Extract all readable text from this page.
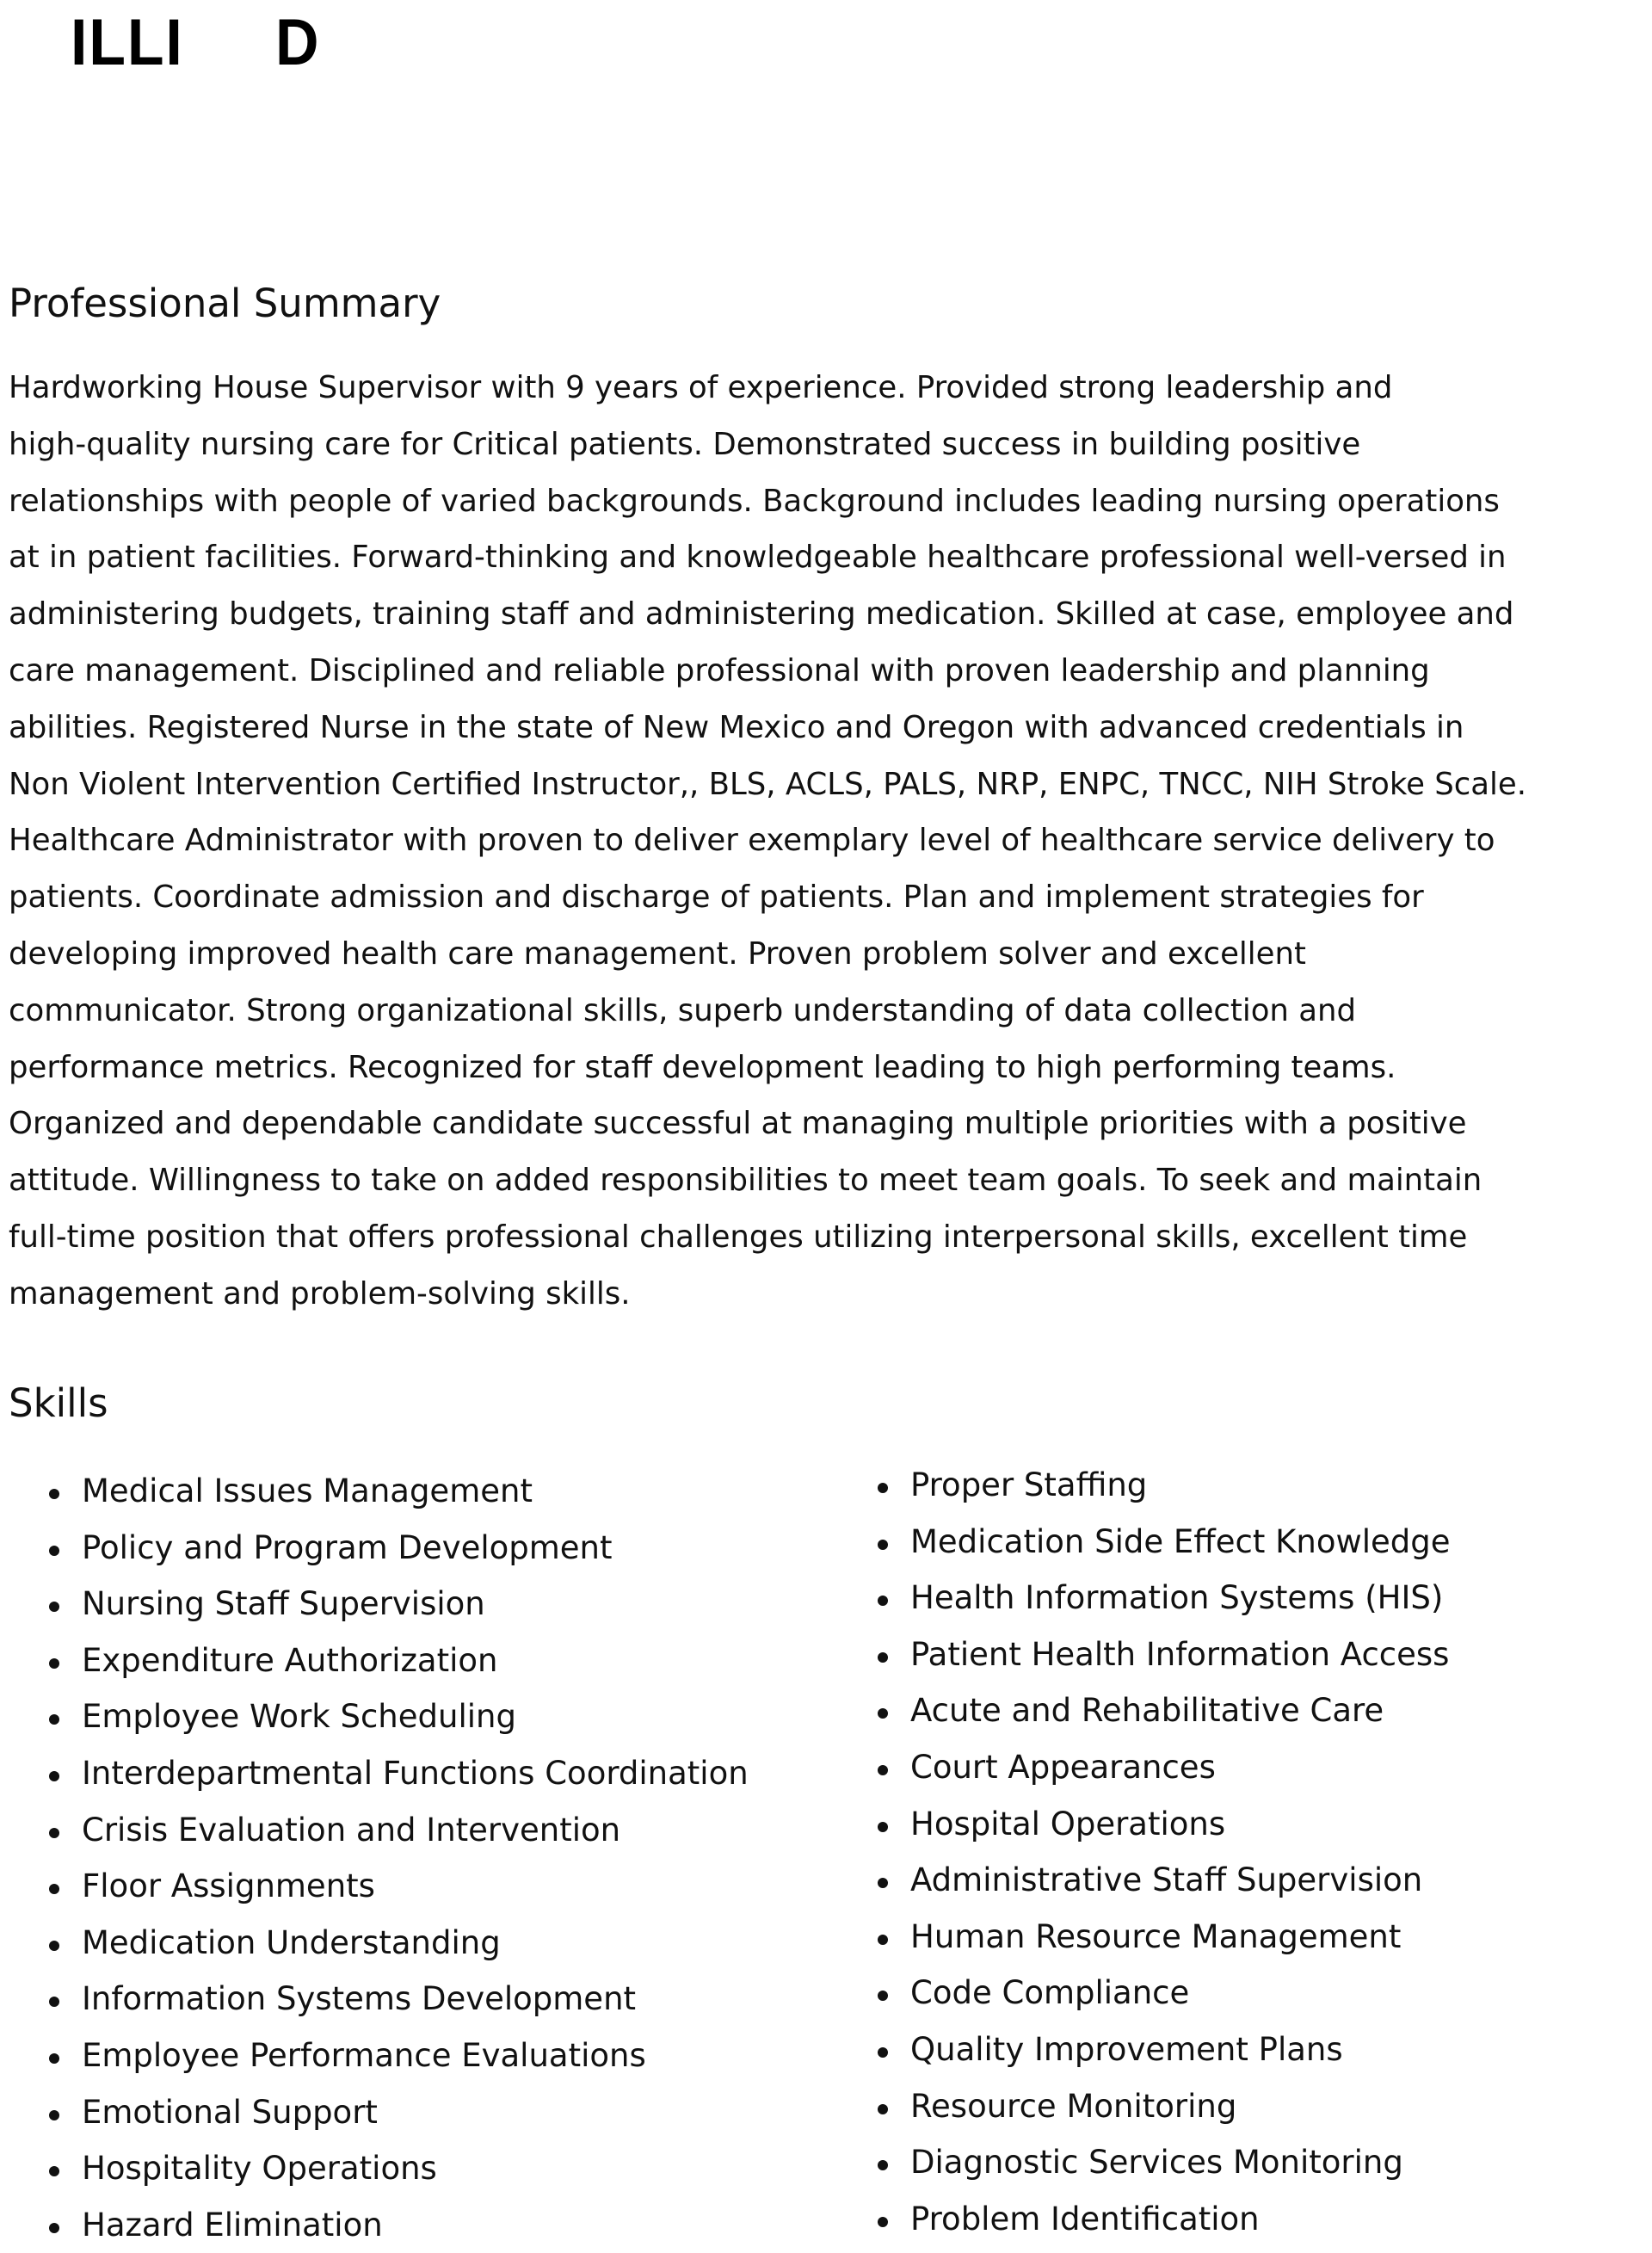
ILLI     D
Professional Summary
Hardworking House Supervisor with 9 years of experience. Provided strong leadership and
high-quality nursing care for Critical patients. Demonstrated success in building positive
relationships with people of varied backgrounds. Background includes leading nursing operations
at in patient facilities. Forward-thinking and knowledgeable healthcare professional well-versed in
administering budgets, training staff and administering medication. Skilled at case, employee and
care management. Disciplined and reliable professional with proven leadership and planning
abilities. Registered Nurse in the state of New Mexico and Oregon with advanced credentials in
Non Violent Intervention Certified Instructor,, BLS, ACLS, PALS, NRP, ENPC, TNCC, NIH Stroke Scale.
Healthcare Administrator with proven to deliver exemplary level of healthcare service delivery to
patients. Coordinate admission and discharge of patients. Plan and implement strategies for
developing improved health care management. Proven problem solver and excellent
communicator. Strong organizational skills, superb understanding of data collection and
performance metrics. Recognized for staff development leading to high performing teams.
Organized and dependable candidate successful at managing multiple priorities with a positive
attitude. Willingness to take on added responsibilities to meet team goals. To seek and maintain
full-time position that offers professional challenges utilizing interpersonal skills, excellent time
management and problem-solving skills.
Skills
Medical Issues Management
Policy and Program Development
Nursing Staff Supervision
Expenditure Authorization
Employee Work Scheduling
Interdepartmental Functions Coordination
Crisis Evaluation and Intervention
Floor Assignments
Medication Understanding
Information Systems Development
Employee Performance Evaluations
Emotional Support
Hospitality Operations
Hazard Elimination
Proper Staffing
Medication Side Effect Knowledge
Health Information Systems (HIS)
Patient Health Information Access
Acute and Rehabilitative Care
Court Appearances
Hospital Operations
Administrative Staff Supervision
Human Resource Management
Code Compliance
Quality Improvement Plans
Resource Monitoring
Diagnostic Services Monitoring
Problem Identification
